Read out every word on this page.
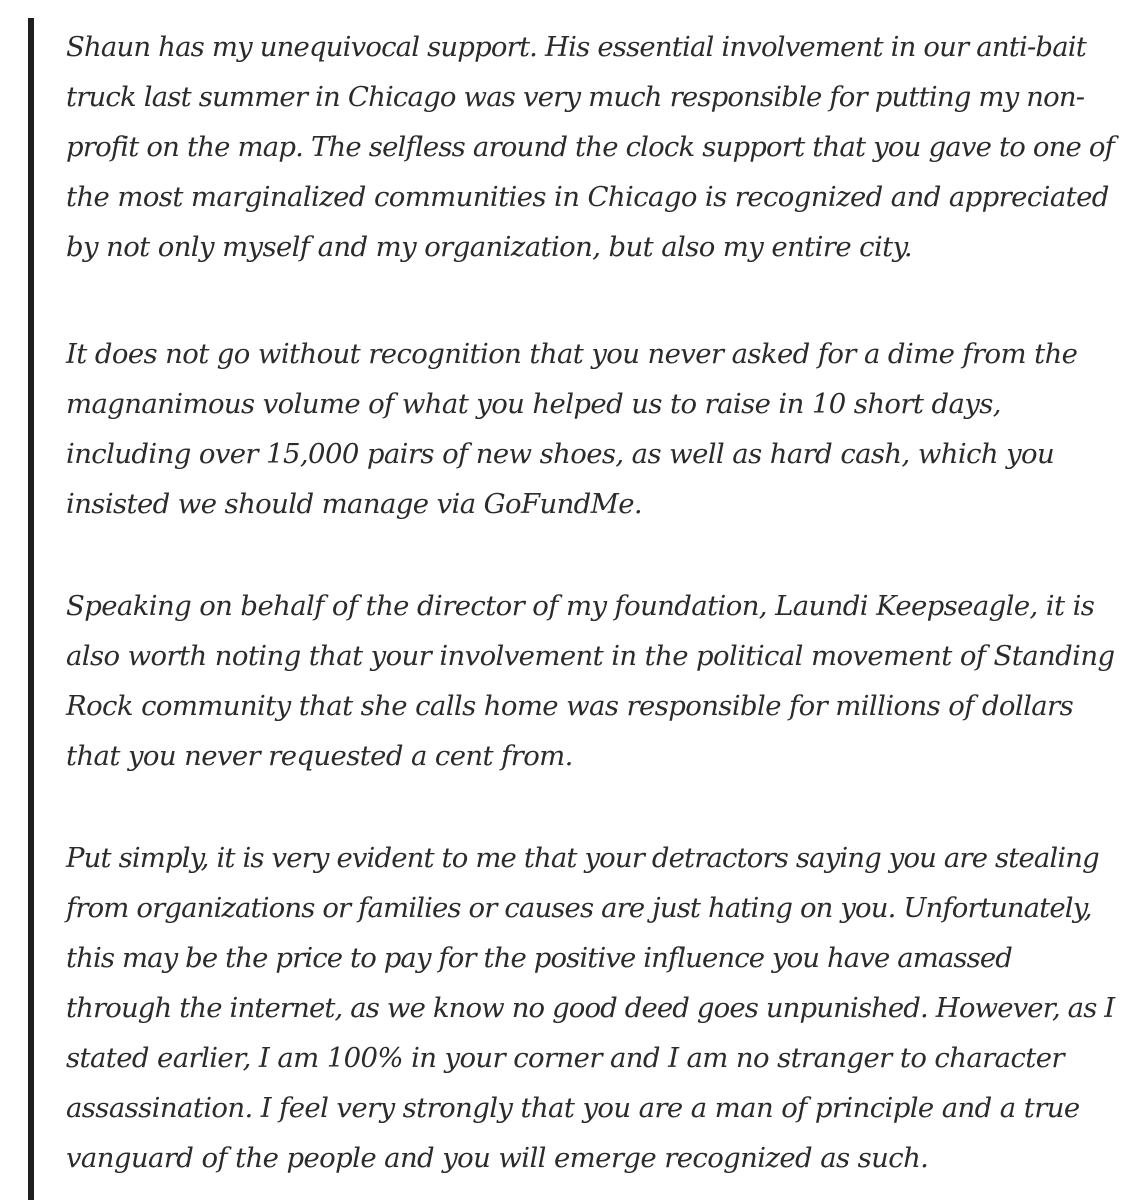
Shaun has my unequivocal support. His essential involvement in our anti-bait
truck last summer in Chicago was very much responsible for putting my non-
profit on the map. The selfless around the clock support that you gave to one of
the most marginalized communities in Chicago is recognized and appreciated
by not only myself and my organization, but also my entire city.

It does not go without recognition that you never asked for a dime from the
magnanimous volume of what you helped us to raise in 10 short days,
including over 15,000 pairs of new shoes, as well as hard cash, which you
insisted we should manage via GoFundMe.

Speaking on behalf of the director of my foundation, Laundi Keepseagle, it is
also worth noting that your involvement in the political movement of Standing
Rock community that she calls home was responsible for millions of dollars
that you never requested a cent from.

Put simply, it is very evident to me that your detractors saying you are stealing
from organizations or families or causes are just hating on you. Unfortunately,
this may be the price to pay for the positive influence you have amassed
through the internet, as we know no good deed goes unpunished. However, as I
stated earlier, I am 100% in your corner and I am no stranger to character
assassination. I feel very strongly that you are a man of principle and a true
vanguard of the people and you will emerge recognized as such.
